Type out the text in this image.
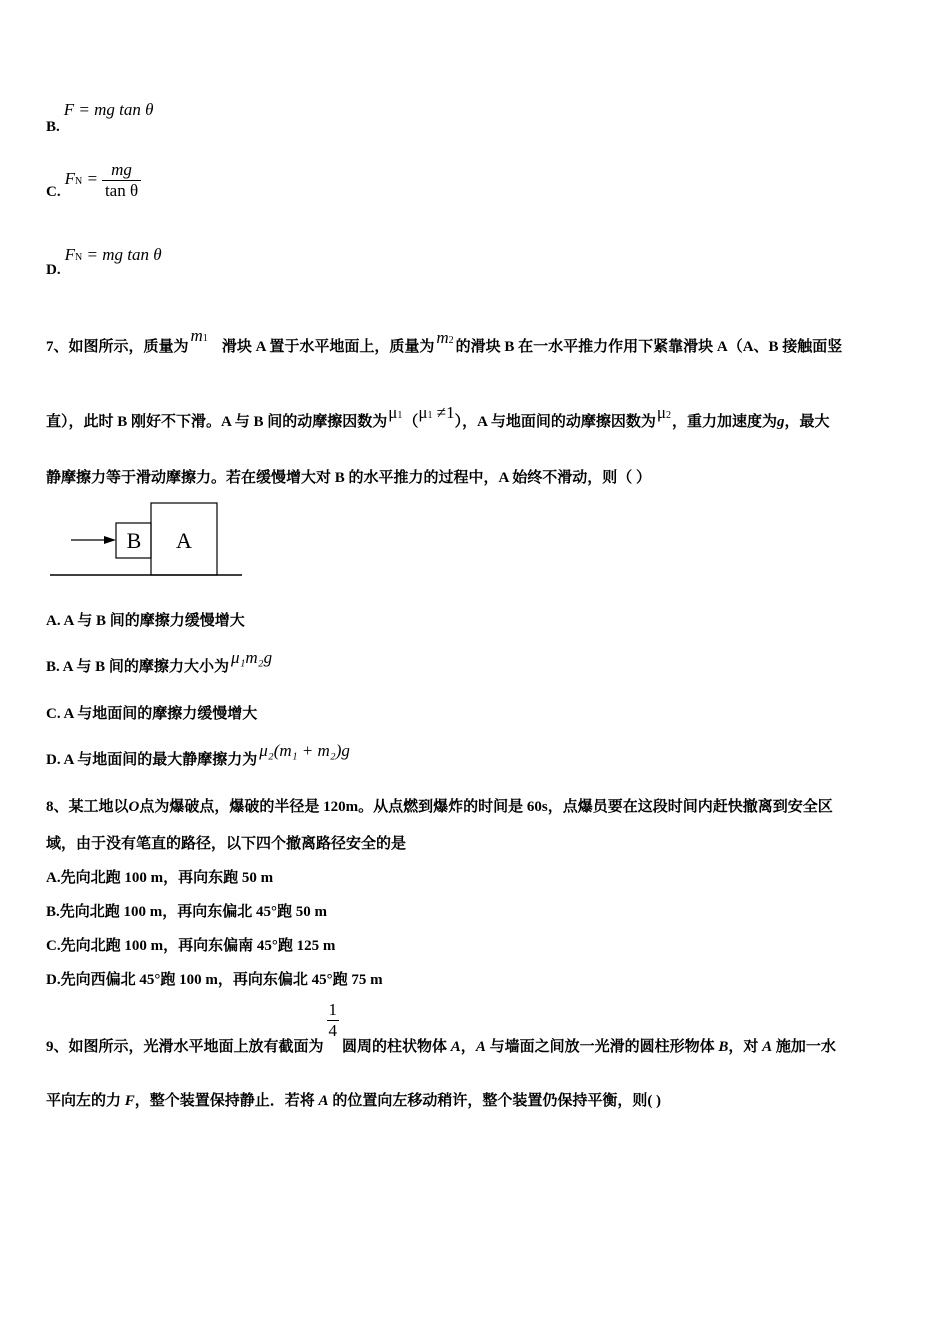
B. F = mg tan θ
C. FN = $\frac{mg}{\text{tan θ}}$
D. FN = mg tan θ
7、如图所示，质量为m1滑块 A 置于水平地面上，质量为 m2 的滑块 B 在一水平推力作用下紧靠滑块 A（A、B 接触面竖
直），此时 B 刚好不下滑。A 与 B 间的动摩擦因数为μ1（μ1 ≠1），A 与地面间的动摩擦因数为μ2，重力加速度为g，最大
静摩擦力等于滑动摩擦力。若在缓慢增大对 B 的水平推力的过程中，A 始终不滑动，则（ ）
B A
A. A 与 B 间的摩擦力缓慢增大
B. A 与 B 间的摩擦力大小为 μ₁m₂g
C. A 与地面间的摩擦力缓慢增大
D. A 与地面间的最大静摩擦力为 μ₂(m₁ + m₂)g
8、某工地以O点为爆破点，爆破的半径是 120m。从点燃到爆炸的时间是 60s，点爆员要在这段时间内赶快撤离到安全区
域，由于没有笔直的路径，以下四个撤离路径安全的是
A.先向北跑 100 m，再向东跑 50 m
B.先向北跑 100 m，再向东偏北 45°跑 50 m
C.先向北跑 100 m，再向东偏南 45°跑 125 m
D.先向西偏北 45°跑 100 m，再向东偏北 45°跑 75 m
9、如图所示，光滑水平地面上放有截面为
$\frac{1}{4}$
圆周的柱状物体 A，A 与墙面之间放一光滑的圆柱形物体 B，对 A 施加一水
平向左的力 F，整个装置保持静止．若将 A 的位置向左移动稍许，整个装置仍保持平衡，则( )
